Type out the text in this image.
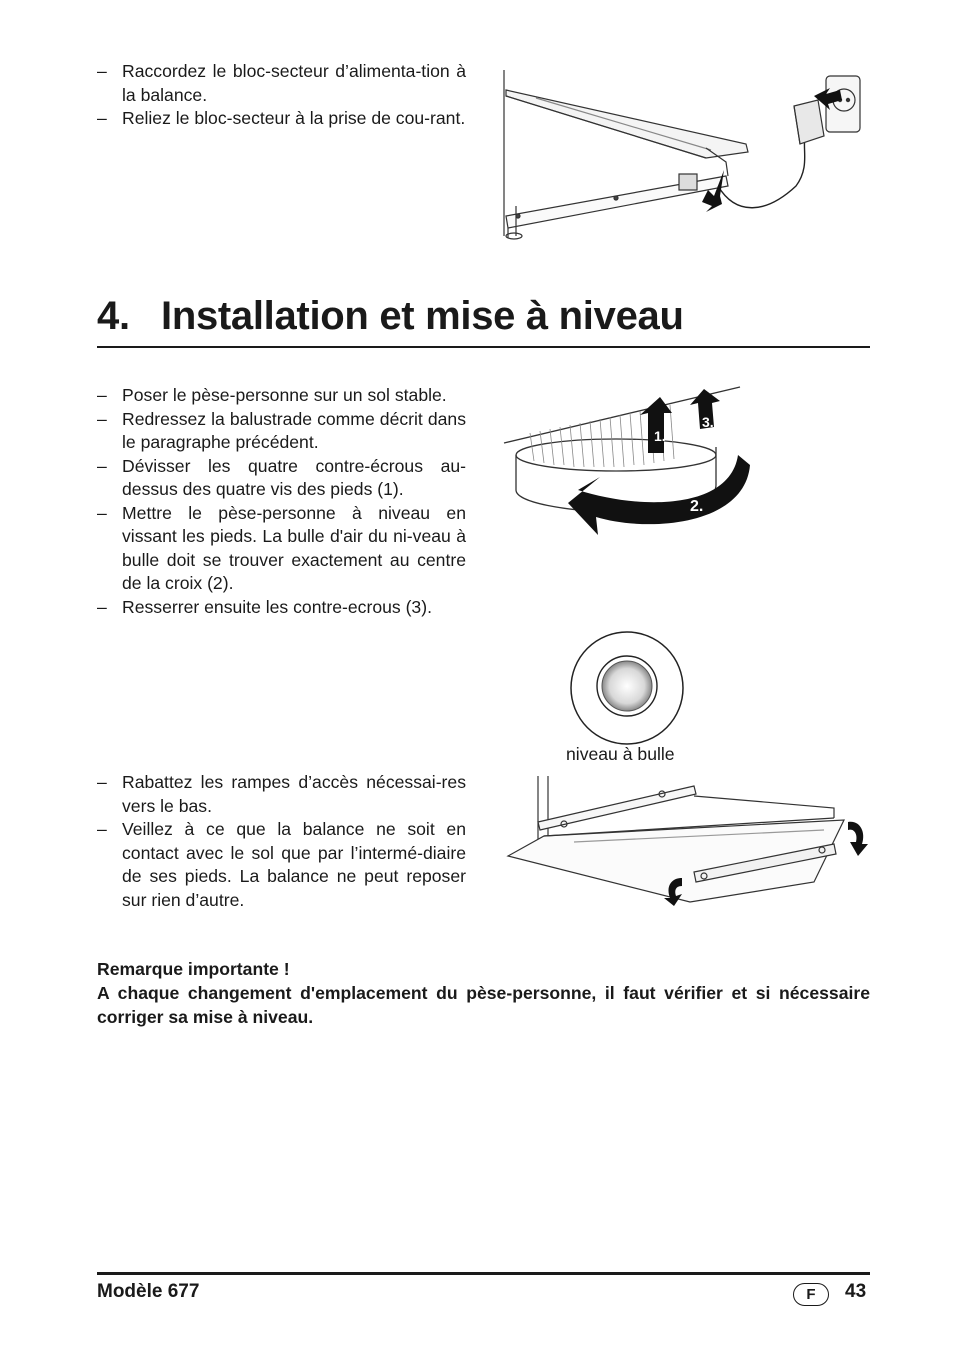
– Raccordez le bloc-secteur d’alimenta-tion à la balance.
– Reliez le bloc-secteur à la prise de cou-rant.
4. Installation et mise à niveau
– Poser le pèse-personne sur un sol stable.
– Redressez la balustrade comme décrit dans le paragraphe précédent.
– Dévisser les quatre contre-écrous au-dessus des quatre vis des pieds (1).
– Mettre le pèse-personne à niveau en vissant les pieds. La bulle d'air du ni-veau à bulle doit se trouver exactement au centre de la croix (2).
– Resserrer ensuite les contre-ecrous (3).
1.
2.
3.
niveau à bulle
– Rabattez les rampes d’accès nécessai-res vers le bas.
– Veillez à ce que la balance ne soit en contact avec le sol que par l’intermé-diaire de ses pieds. La balance ne peut reposer sur rien d’autre.

Remarque importante !

A chaque changement d'emplacement du pèse-personne, il faut vérifier et si nécessaire corriger sa mise à niveau.

Modèle 677	F	43
